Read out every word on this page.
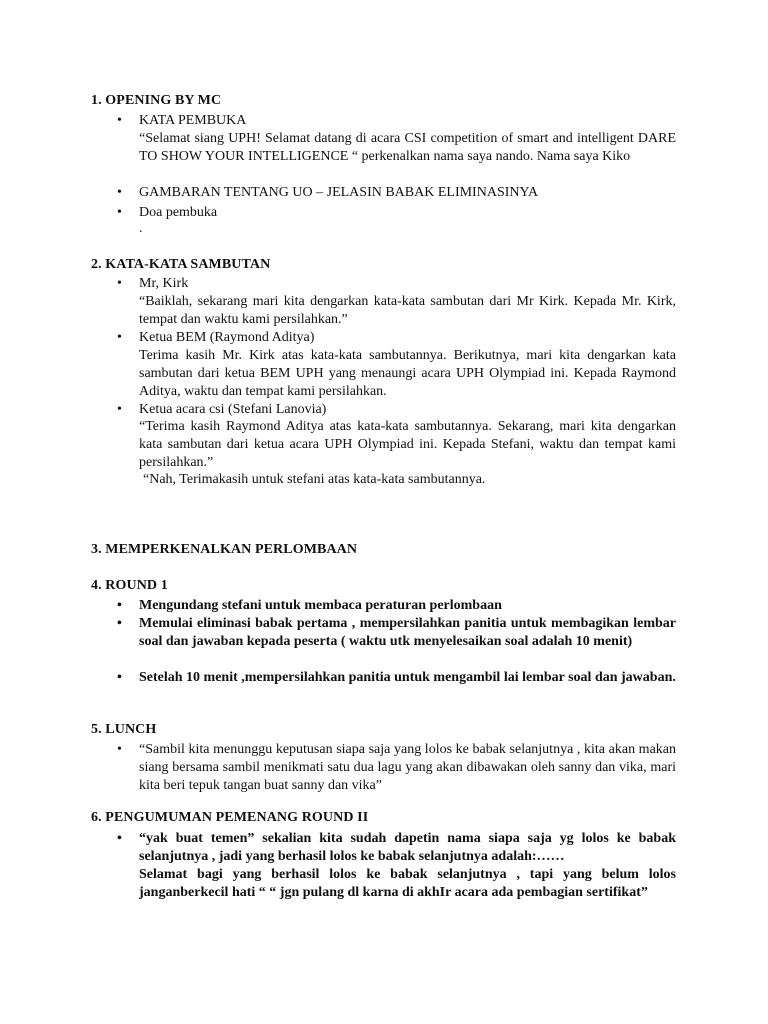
1. OPENING BY MC
• KATA PEMBUKA
“Selamat siang UPH! Selamat datang di acara CSI competition of smart and intelligent DARE TO SHOW YOUR INTELLIGENCE “ perkenalkan nama saya nando. Nama saya Kiko
• GAMBARAN TENTANG UO – JELASIN BABAK ELIMINASINYA
• Doa pembuka
.
2. KATA-KATA SAMBUTAN
• Mr, Kirk
“Baiklah, sekarang mari kita dengarkan kata-kata sambutan dari Mr Kirk. Kepada Mr. Kirk, tempat dan waktu kami persilahkan.”
• Ketua BEM (Raymond Aditya)
Terima kasih Mr. Kirk atas kata-kata sambutannya. Berikutnya, mari kita dengarkan kata sambutan dari ketua BEM UPH yang menaungi acara UPH Olympiad ini. Kepada Raymond Aditya, waktu dan tempat kami persilahkan.
• Ketua acara csi (Stefani Lanovia)
“Terima kasih Raymond Aditya atas kata-kata sambutannya. Sekarang, mari kita dengarkan kata sambutan dari ketua acara UPH Olympiad ini. Kepada Stefani, waktu dan tempat kami persilahkan.”
“Nah, Terimakasih untuk stefani atas kata-kata sambutannya.
3. MEMPERKENALKAN PERLOMBAAN
4. ROUND 1
• Mengundang stefani untuk membaca peraturan perlombaan
• Memulai eliminasi babak pertama , mempersilahkan panitia untuk membagikan lembar soal dan jawaban kepada peserta ( waktu utk menyelesaikan soal adalah 10 menit)
• Setelah 10 menit ,mempersilahkan panitia untuk mengambil lai lembar soal dan jawaban.
5. LUNCH
• “Sambil kita menunggu keputusan siapa saja yang lolos ke babak selanjutnya , kita akan makan siang bersama sambil menikmati satu dua lagu yang akan dibawakan oleh sanny dan vika, mari kita beri tepuk tangan buat sanny dan vika”
6. PENGUMUMAN PEMENANG ROUND II
• “yak buat temen” sekalian kita sudah dapetin nama siapa saja yg lolos ke babak selanjutnya , jadi yang berhasil lolos ke babak selanjutnya adalah:……
Selamat bagi yang berhasil lolos ke babak selanjutnya , tapi yang belum lolos janganberkecil hati “ “ jgn pulang dl karna di akhIr acara ada pembagian sertifikat”
